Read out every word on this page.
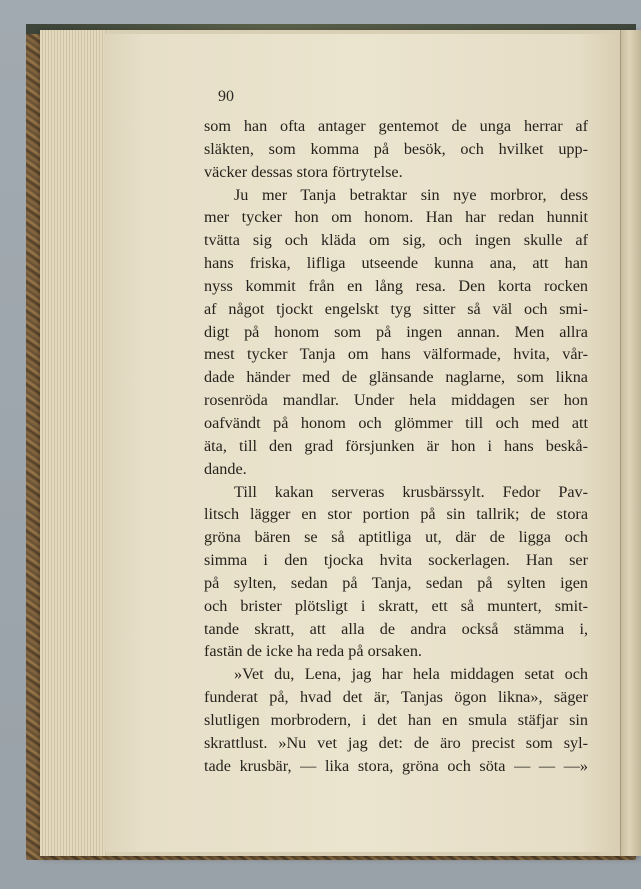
90
som han ofta antager gentemot de unga herrar af
släkten, som komma på besök, och hvilket upp-
väcker dessas stora förtrytelse.
Ju mer Tanja betraktar sin nye morbror, dess
mer tycker hon om honom. Han har redan hunnit
tvätta sig och kläda om sig, och ingen skulle af
hans friska, lifliga utseende kunna ana, att han
nyss kommit från en lång resa. Den korta rocken
af något tjockt engelskt tyg sitter så väl och smi-
digt på honom som på ingen annan. Men allra
mest tycker Tanja om hans välformade, hvita, vår-
dade händer med de glänsande naglarne, som likna
rosenröda mandlar. Under hela middagen ser hon
oafvändt på honom och glömmer till och med att
äta, till den grad försjunken är hon i hans beskå-
dande.
Till kakan serveras krusbärssylt. Fedor Pav-
litsch lägger en stor portion på sin tallrik; de stora
gröna bären se så aptitliga ut, där de ligga och
simma i den tjocka hvita sockerlagen. Han ser
på sylten, sedan på Tanja, sedan på sylten igen
och brister plötsligt i skratt, ett så muntert, smit-
tande skratt, att alla de andra också stämma i,
fastän de icke ha reda på orsaken.
»Vet du, Lena, jag har hela middagen setat och
funderat på, hvad det är, Tanjas ögon likna», säger
slutligen morbrodern, i det han en smula stäfjar sin
skrattlust. »Nu vet jag det: de äro precist som syl-
tade krusbär, — lika stora, gröna och söta — — —»
